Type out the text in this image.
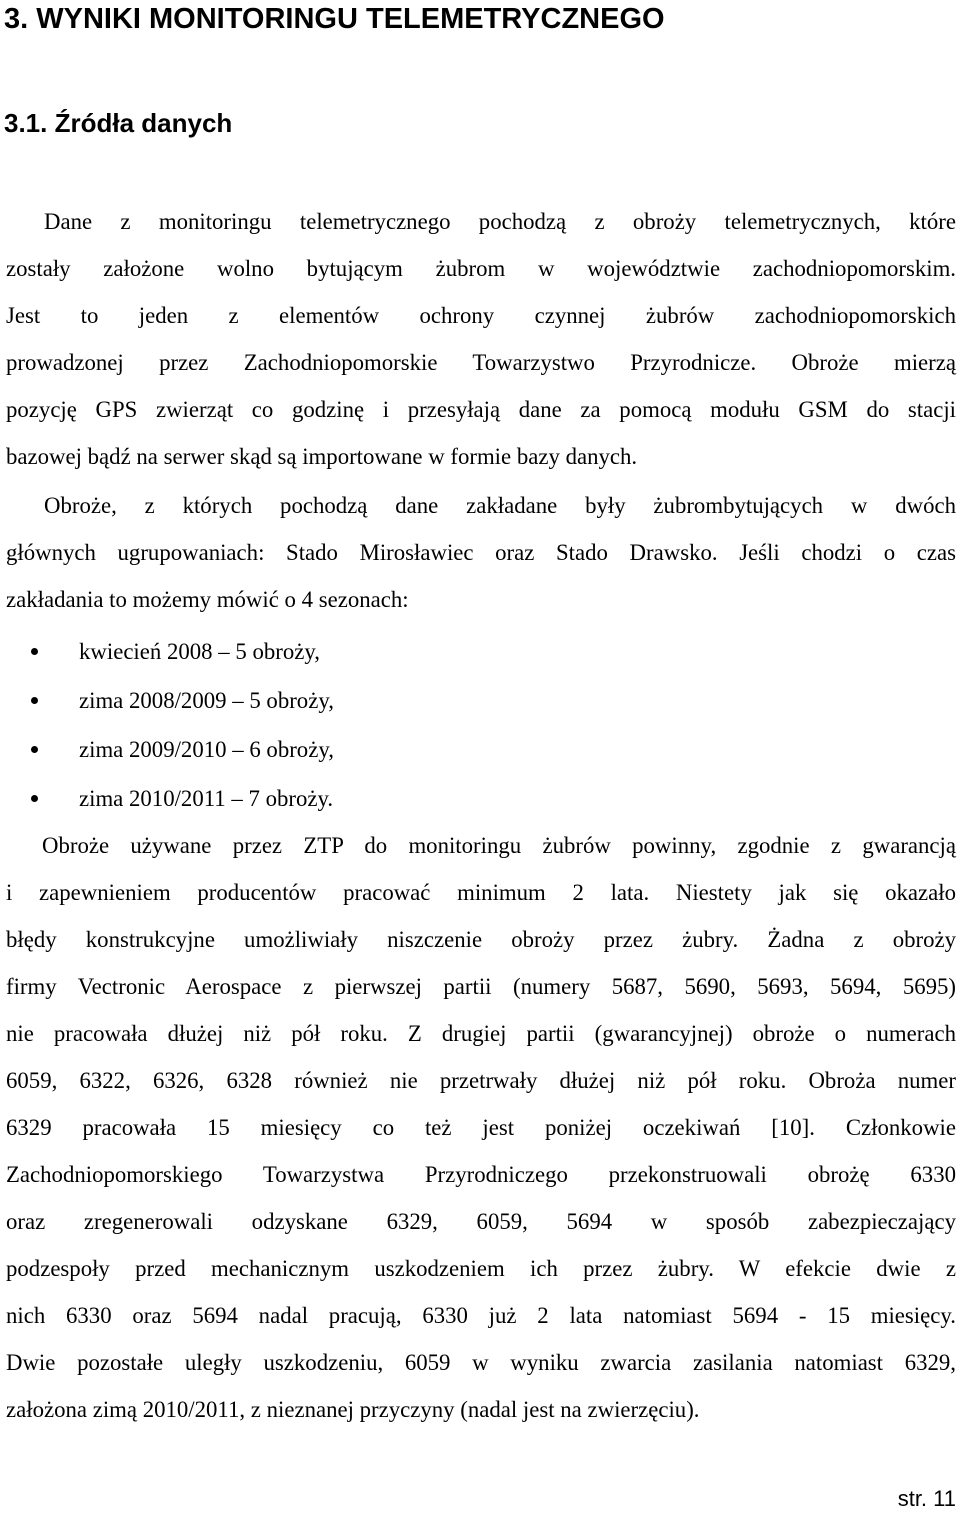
3. WYNIKI MONITORINGU TELEMETRYCZNEGO
3.1. Źródła danych
Dane z monitoringu telemetrycznego pochodzą z obroży telemetrycznych, które
zostały założone wolno bytującym żubrom w województwie zachodniopomorskim.
Jest to jeden z elementów ochrony czynnej żubrów zachodniopomorskich
prowadzonej przez Zachodniopomorskie Towarzystwo Przyrodnicze. Obroże mierzą
pozycję GPS zwierząt co godzinę i przesyłają dane za pomocą modułu GSM do stacji
bazowej bądź na serwer skąd są importowane w formie bazy danych.
Obroże, z których pochodzą dane zakładane były żubrombytujących w dwóch
głównych ugrupowaniach: Stado Mirosławiec oraz Stado Drawsko. Jeśli chodzi o czas
zakładania to możemy mówić o 4 sezonach:
kwiecień 2008 – 5 obroży,
zima 2008/2009 – 5 obroży,
zima 2009/2010 – 6 obroży,
zima 2010/2011 – 7 obroży.
Obroże używane przez ZTP do monitoringu żubrów powinny, zgodnie z gwarancją
i zapewnieniem producentów pracować minimum 2 lata. Niestety jak się okazało
błędy konstrukcyjne umożliwiały niszczenie obroży przez żubry. Żadna z obroży
firmy Vectronic Aerospace z pierwszej partii (numery 5687, 5690, 5693, 5694, 5695)
nie pracowała dłużej niż pół roku. Z drugiej partii (gwarancyjnej) obroże o numerach
6059, 6322, 6326, 6328 również nie przetrwały dłużej niż pół roku. Obroża numer
6329 pracowała 15 miesięcy co też jest poniżej oczekiwań [10]. Członkowie
Zachodniopomorskiego Towarzystwa Przyrodniczego przekonstruowali obrożę 6330
oraz zregenerowali odzyskane 6329, 6059, 5694 w sposób zabezpieczający
podzespoły przed mechanicznym uszkodzeniem ich przez żubry. W efekcie dwie z
nich 6330 oraz 5694 nadal pracują, 6330 już 2 lata natomiast 5694 - 15 miesięcy.
Dwie pozostałe uległy uszkodzeniu, 6059 w wyniku zwarcia zasilania natomiast 6329,
założona zimą 2010/2011, z nieznanej przyczyny (nadal jest na zwierzęciu).
str. 11
